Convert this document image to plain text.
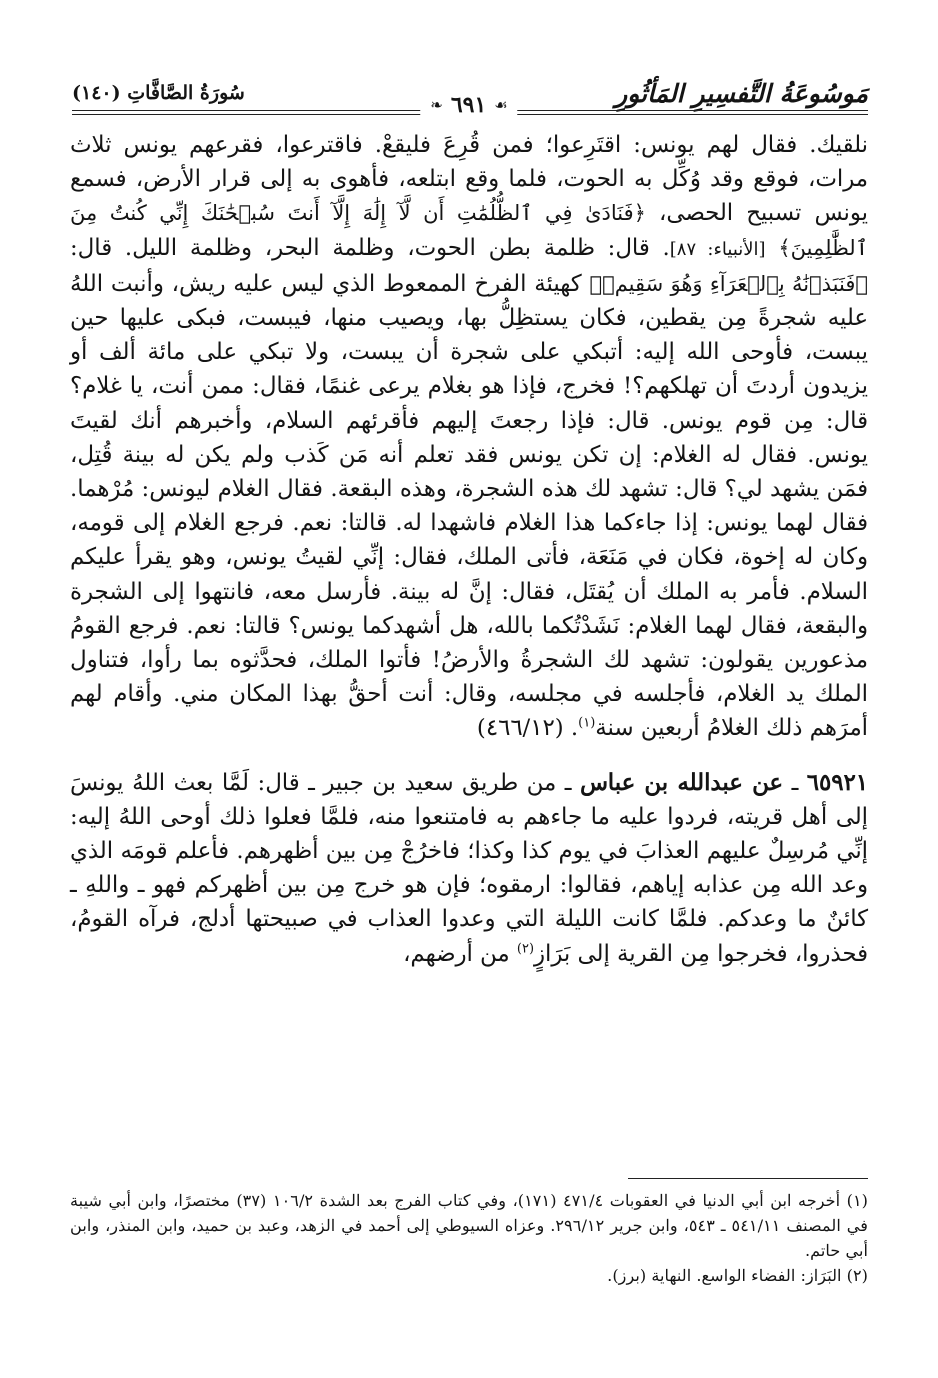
مَوسُوعَةُ التَّفسِيرِ المَأثُورِ
سُورَةُ الصَّافَّاتِ (١٤٠)
❧ ٦٩١ ☙

نلقيك. فقال لهم يونس: اقتَرِعوا؛ فمن قُرِعَ فليقعْ. فاقترعوا، فقرعهم يونس ثلاث مرات، فوقع وقد وُكِّل به الحوت، فلما وقع ابتلعه، فأهوى به إلى قرار الأرض، فسمع يونس تسبيح الحصى، ﴿فَنَادَىٰ فِي ٱلظُّلُمَٰتِ أَن لَّآ إِلَٰهَ إِلَّآ أَنتَ سُبۡحَٰنَكَ إِنِّي كُنتُ مِنَ ٱلظَّٰلِمِينَ﴾ [الأنبياء: ٨٧]. قال: ظلمة بطن الحوت، وظلمة البحر، وظلمة الليل. قال: ﴿فَنَبَذۡنَٰهُ بِٱلۡعَرَآءِ وَهُوَ سَقِيمٞ﴾ كهيئة الفرخ الممعوط الذي ليس عليه ريش، وأنبت اللهُ عليه شجرةً مِن يقطين، فكان يستظِلُّ بها، ويصيب منها، فيبست، فبكى عليها حين يبست، فأوحى الله إليه: أتبكي على شجرة أن يبست، ولا تبكي على مائة ألف أو يزيدون أردتَ أن تهلكهم؟! فخرج، فإذا هو بغلام يرعى غنمًا، فقال: ممن أنت، يا غلام؟ قال: مِن قوم يونس. قال: فإذا رجعتَ إليهم فأقرئهم السلام، وأخبرهم أنك لقيتَ يونس. فقال له الغلام: إن تكن يونس فقد تعلم أنه مَن كَذب ولم يكن له بينة قُتِل، فمَن يشهد لي؟ قال: تشهد لك هذه الشجرة، وهذه البقعة. فقال الغلام ليونس: مُرْهما. فقال لهما يونس: إذا جاءكما هذا الغلام فاشهدا له. قالتا: نعم. فرجع الغلام إلى قومه، وكان له إخوة، فكان في مَنَعَة، فأتى الملك، فقال: إنِّي لقيتُ يونس، وهو يقرأ عليكم السلام. فأمر به الملك أن يُقتَل، فقال: إنَّ له بينة. فأرسل معه، فانتهوا إلى الشجرة والبقعة، فقال لهما الغلام: نَشَدْتُكما بالله، هل أشهدكما يونس؟ قالتا: نعم. فرجع القومُ مذعورين يقولون: تشهد لك الشجرةُ والأرضُ! فأتوا الملك، فحدَّثوه بما رأوا، فتناول الملك يد الغلام، فأجلسه في مجلسه، وقال: أنت أحقُّ بهذا المكان مني. وأقام لهم أمرَهم ذلك الغلامُ أربعين سنة$^{(١)}$. (٤٦٦/١٢)

٦٥٩٢١ ـ عن عبدالله بن عباس ـ من طريق سعيد بن جبير ـ قال: لَمَّا بعث اللهُ يونسَ إلى أهل قريته، فردوا عليه ما جاءهم به فامتنعوا منه، فلمَّا فعلوا ذلك أوحى اللهُ إليه: إنِّي مُرسِلٌ عليهم العذابَ في يوم كذا وكذا؛ فاخرُجْ مِن بين أظهرهم. فأعلم قومَه الذي وعد الله مِن عذابه إياهم، فقالوا: ارمقوه؛ فإن هو خرج مِن بين أظهركم فهو ـ واللهِ ـ كائنٌ ما وعدكم. فلمَّا كانت الليلة التي وعدوا العذاب في صبيحتها أدلج، فرآه القومُ، فحذروا، فخرجوا مِن القرية إلى بَرَازٍ$^{(٢)}$ من أرضهم،

(١) أخرجه ابن أبي الدنيا في العقوبات ٤٧١/٤ (١٧١)، وفي كتاب الفرج بعد الشدة ١٠٦/٢ (٣٧) مختصرًا، وابن أبي شيبة في المصنف ٥٤١/١١ ـ ٥٤٣، وابن جرير ٢٩٦/١٢. وعزاه السيوطي إلى أحمد في الزهد، وعبد بن حميد، وابن المنذر، وابن أبي حاتم.

(٢) البَرَاز: الفضاء الواسع. النهاية (برز).
